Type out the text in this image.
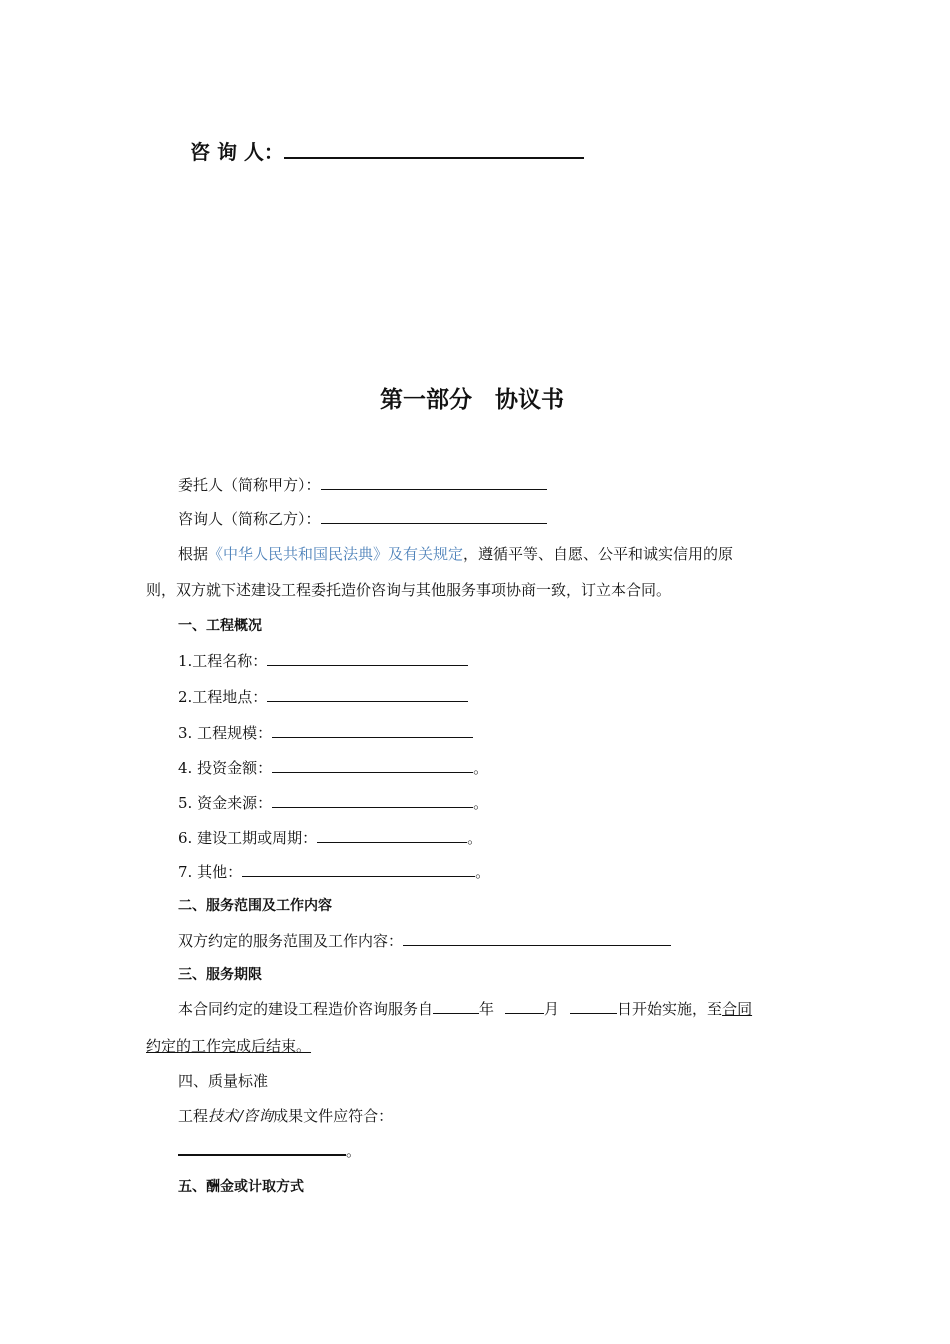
咨 询 人：
第一部分　协议书
委托人（简称甲方）：
咨询人（简称乙方）：
根据《中华人民共和国民法典》及有关规定，遵循平等、自愿、公平和诚实信用的原
则，双方就下述建设工程委托造价咨询与其他服务事项协商一致，订立本合同。
一、工程概况
1.工程名称：
2.工程地点：
3. 工程规模：
4. 投资金额：	。
5. 资金来源：	。
6. 建设工期或周期：	。
7. 其他：	。
二、服务范围及工作内容
双方约定的服务范围及工作内容：
三、服务期限
本合同约定的建设工程造价咨询服务自	年	月	日开始实施，至合同
约定的工作完成后结束。
四、质量标准
工程技术/咨询成果文件应符合：
。
五、酬金或计取方式
